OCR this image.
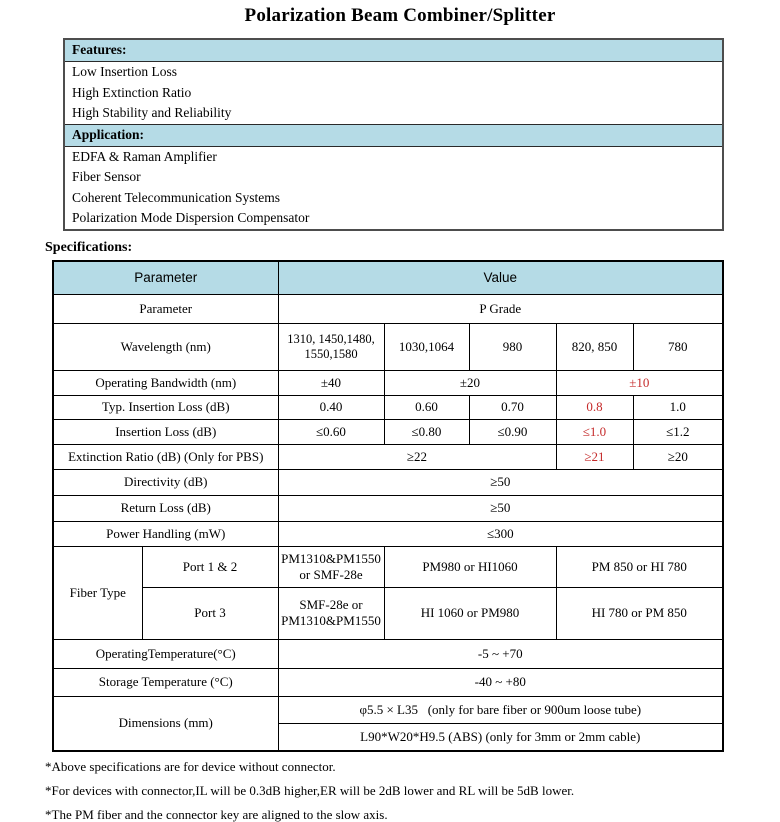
Polarization Beam Combiner/Splitter
Features:
Low Insertion Loss
High Extinction Ratio
High Stability and Reliability
Application:
EDFA & Raman Amplifier
Fiber Sensor
Coherent Telecommunication Systems
Polarization Mode Dispersion Compensator
Specifications:
Parameter		Value				
Parameter		P Grade				
Wavelength (nm)		1310, 1450,1480, 1550,1580	1030,1064	980	820, 850	780
Operating Bandwidth (nm)		±40	±20		±10	
Typ. Insertion Loss (dB)		0.40	0.60	0.70	0.8	1.0
Insertion Loss (dB)		≤0.60	≤0.80	≤0.90	≤1.0	≤1.2
Extinction Ratio (dB) (Only for PBS)		≥22			≥21	≥20
Directivity (dB)		≥50				
Return Loss (dB)		≥50				
Power Handling (mW)		≤300				
Fiber Type	Port 1 & 2	PM1310&PM1550 or SMF-28e	PM980 or HI1060		PM 850 or HI 780	
	Port 3	SMF-28e or PM1310&PM1550	HI 1060 or PM980		HI 780 or PM 850	
OperatingTemperature(°C)		-5 ~ +70				
Storage Temperature (°C)		-40 ~ +80				
Dimensions (mm)		φ5.5 × L35   (only for bare fiber or 900um loose tube)				
		L90*W20*H9.5 (ABS) (only for 3mm or 2mm cable)				

*Above specifications are for device without connector.

*For devices with connector,IL will be 0.3dB higher,ER will be 2dB lower and RL will be 5dB lower.

*The PM fiber and the connector key are aligned to the slow axis.
